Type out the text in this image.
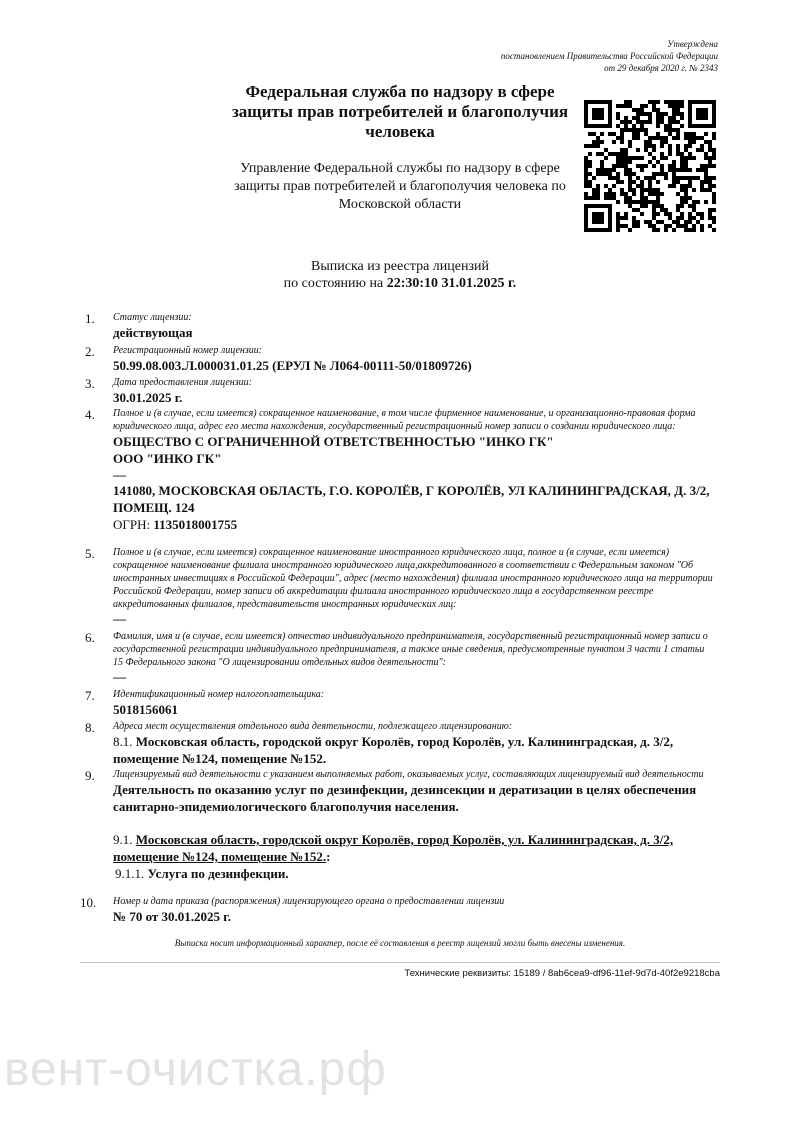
Утверждена
постановлением Правительства Российской Федерации
от 29 декабря 2020 г. № 2343
Федеральная служба по надзору в сфере защиты прав потребителей и благополучия человека
Управление Федеральной службы по надзору в сфере защиты прав потребителей и благополучия человека по Московской области
Выписка из реестра лицензий
по состоянию на 22:30:10 31.01.2025 г.
1.	Статус лицензии:
действующая
2.	Регистрационный номер лицензии:
50.99.08.003.Л.000031.01.25 (ЕРУЛ № Л064-00111-50/01809726)
3.	Дата предоставления лицензии:
30.01.2025 г.
4.	Полное и (в случае, если имеется) сокращенное наименование, в том числе фирменное наименование, и организационно-правовая форма юридического лица, адрес его места нахождения, государственный регистрационный номер записи о создании юридического лица:
ОБЩЕСТВО С ОГРАНИЧЕННОЙ ОТВЕТСТВЕННОСТЬЮ "ИНКО ГК"
ООО "ИНКО ГК"
—
141080, МОСКОВСКАЯ ОБЛАСТЬ, Г.О. КОРОЛЁВ, Г КОРОЛЁВ, УЛ КАЛИНИНГРАДСКАЯ, Д. 3/2, ПОМЕЩ. 124
ОГРН: 1135018001755
5.	Полное и (в случае, если имеется) сокращенное наименование иностранного юридического лица, полное и (в случае, если имеется) сокращенное наименование филиала иностранного юридического лица,аккредитованного в соответствии с Федеральным законом "Об иностранных инвестициях в Российской Федерации", адрес (место нахождения) филиала иностранного юридического лица на территории Российской Федерации, номер записи об аккредитации филиала иностранного юридического лица в государственном реестре аккредитованных филиалов, представительств иностранных юридических лиц:
—
6.	Фамилия, имя и (в случае, если имеется) отчество индивидуального предпринимателя, государственный регистрационный номер записи о государственной регистрации индивидуального предпринимателя, а также иные сведения, предусмотренные пунктом 3 части 1 статьи 15 Федерального закона "О лицензировании отдельных видов деятельности":
—
7.	Идентификационный номер налогоплательщика:
5018156061
8.	Адреса мест осуществления отдельного вида деятельности, подлежащего лицензированию:
8.1. Московская область, городской округ Королёв, город Королёв, ул. Калининградская, д. 3/2, помещение №124, помещение №152.
9.	Лицензируемый вид деятельности с указанием выполняемых работ, оказываемых услуг, составляющих лицензируемый вид деятельности
Деятельность по оказанию услуг по дезинфекции, дезинсекции и дератизации в целях обеспечения санитарно-эпидемиологического благополучия населения.
9.1. Московская область, городской округ Королёв, город Королёв, ул. Калининградская, д. 3/2, помещение №124, помещение №152.:
9.1.1. Услуга по дезинфекции.
10.	Номер и дата приказа (распоряжения) лицензирующего органа о предоставлении лицензии
№ 70 от 30.01.2025 г.
Выписка носит информационный характер, после её составления в реестр лицензий могли быть внесены изменения.
Технические реквизиты: 15189 / 8ab6cea9-df96-11ef-9d7d-40f2e9218cba
вент-очистка.рф
